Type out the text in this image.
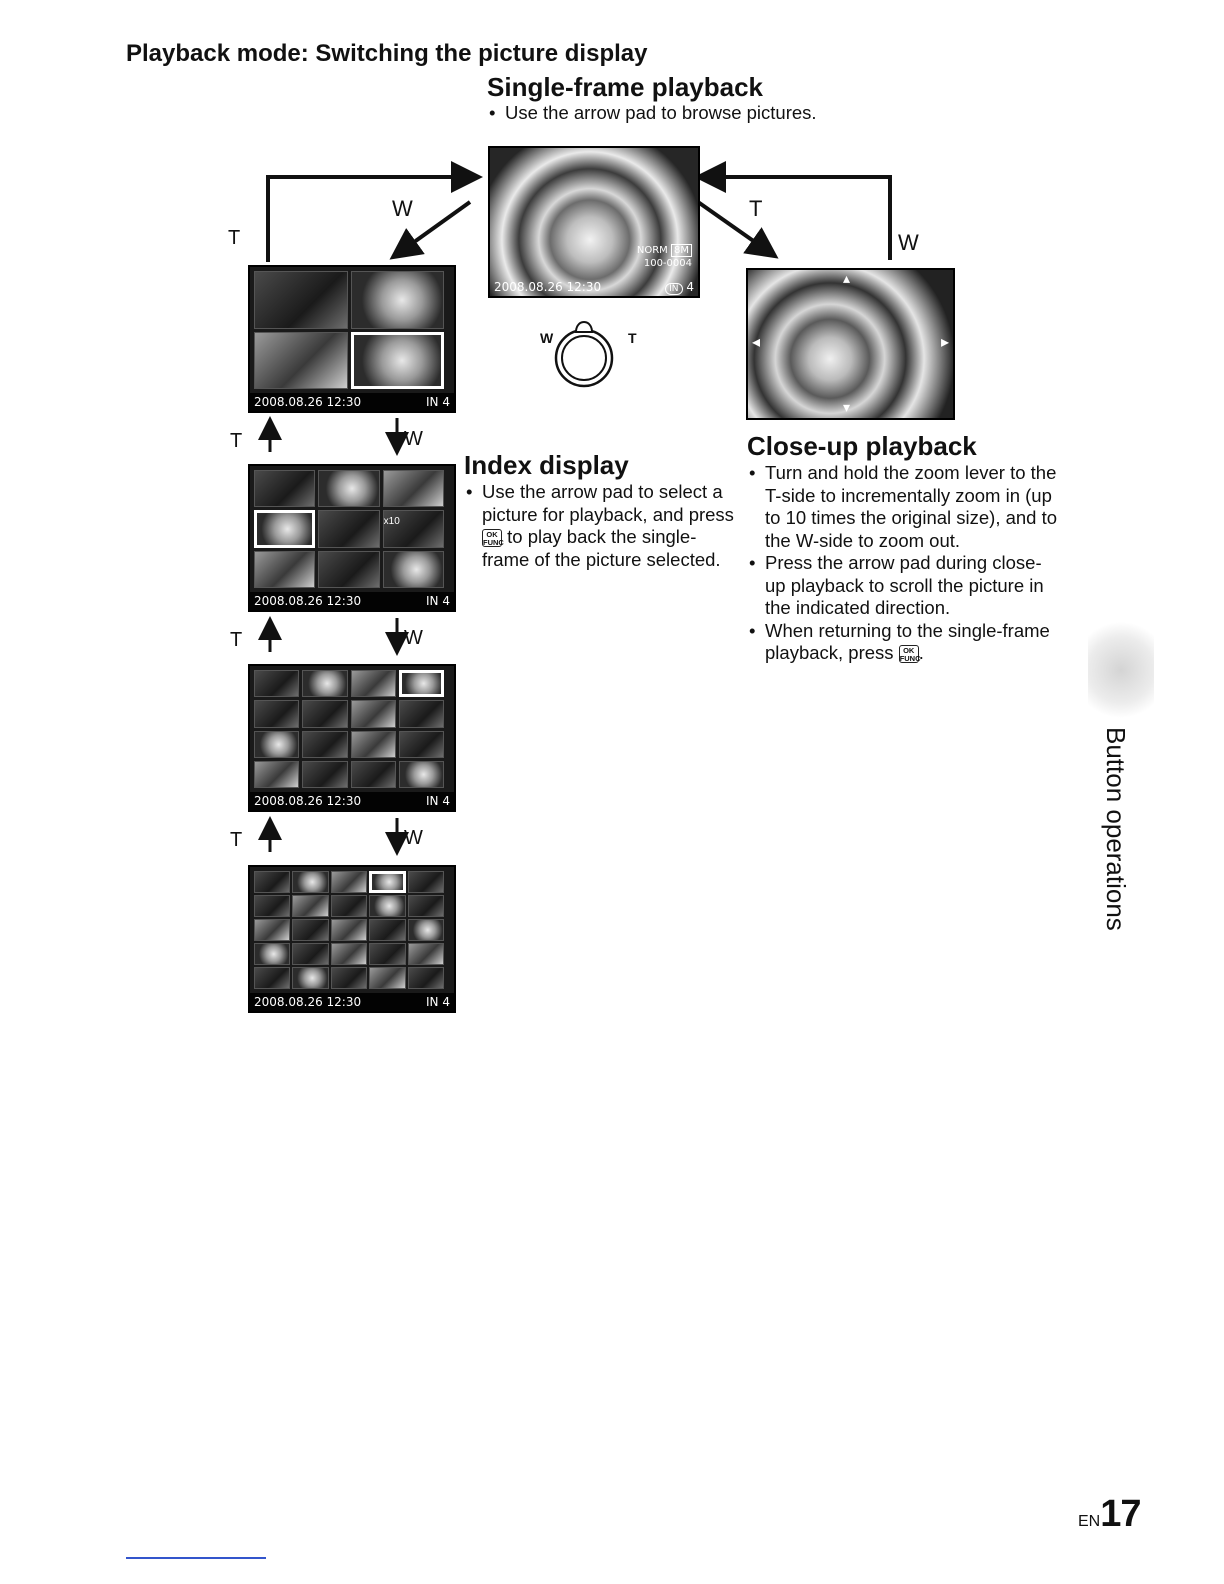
Playback mode: Switching the picture display
Single-frame playback
• Use the arrow pad to browse pictures.
T
W	T
W
T	W
T	W
T	W
NORM 8M
100-0004
2008.08.26 12:30	IN 4
W	T	◂	▸
▴
▾
2008.08.26 12:30	IN 4
x10
2008.08.26 12:30	IN 4
2008.08.26 12:30	IN 4
2008.08.26 12:30	IN 4
Index display
• Use the arrow pad to select a picture for playback, and press
OK
FUNC to play back the single-frame of the picture selected.
Close-up playback
• Turn and hold the zoom lever to the T-side to incrementally zoom in (up to 10 times the original size), and to the W-side to zoom out.
• Press the arrow pad during close-up playback to scroll the picture in the indicated direction.
• When returning to the single-frame playback, press	OK
FUNC
.
Button operations
EN17
